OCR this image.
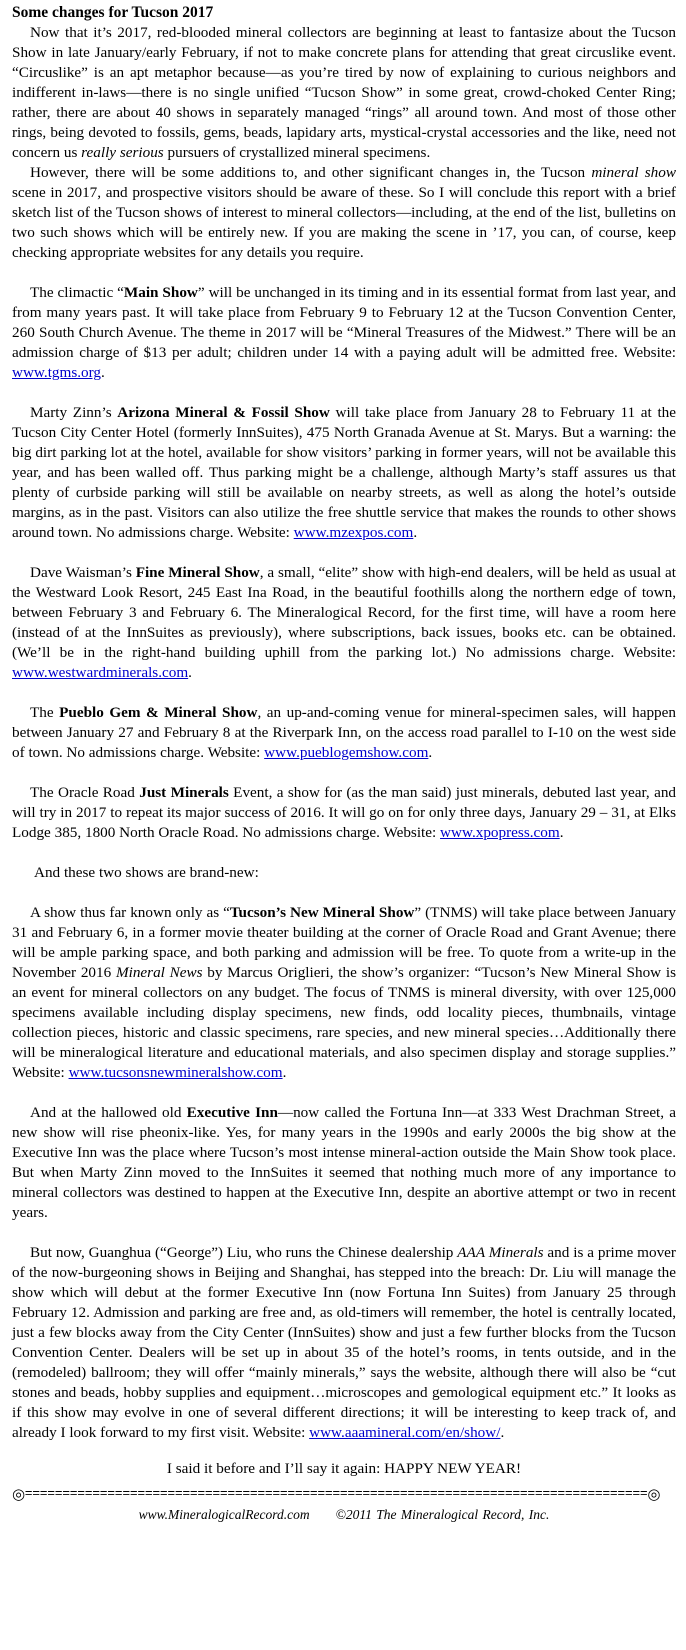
Some changes for Tucson 2017

Now that it’s 2017, red-blooded mineral collectors are beginning at least to fantasize about the Tucson Show in late January/early February, if not to make concrete plans for attending that great circuslike event. “Circuslike” is an apt metaphor because—as you’re tired by now of explaining to curious neighbors and indifferent in-laws—there is no single unified “Tucson Show” in some great, crowd-choked Center Ring; rather, there are about 40 shows in separately managed “rings” all around town. And most of those other rings, being devoted to fossils, gems, beads, lapidary arts, mystical-crystal accessories and the like, need not concern us really serious pursuers of crystallized mineral specimens.

However, there will be some additions to, and other significant changes in, the Tucson mineral show scene in 2017, and prospective visitors should be aware of these. So I will conclude this report with a brief sketch list of the Tucson shows of interest to mineral collectors—including, at the end of the list, bulletins on two such shows which will be entirely new. If you are making the scene in ’17, you can, of course, keep checking appropriate websites for any details you require.

The climactic “Main Show” will be unchanged in its timing and in its essential format from last year, and from many years past. It will take place from February 9 to February 12 at the Tucson Convention Center, 260 South Church Avenue. The theme in 2017 will be “Mineral Treasures of the Midwest.” There will be an admission charge of $13 per adult; children under 14 with a paying adult will be admitted free. Website: www.tgms.org.

Marty Zinn’s Arizona Mineral & Fossil Show will take place from January 28 to February 11 at the Tucson City Center Hotel (formerly InnSuites), 475 North Granada Avenue at St. Marys. But a warning: the big dirt parking lot at the hotel, available for show visitors’ parking in former years, will not be available this year, and has been walled off. Thus parking might be a challenge, although Marty’s staff assures us that plenty of curbside parking will still be available on nearby streets, as well as along the hotel’s outside margins, as in the past. Visitors can also utilize the free shuttle service that makes the rounds to other shows around town. No admissions charge. Website: www.mzexpos.com.

Dave Waisman’s Fine Mineral Show, a small, “elite” show with high-end dealers, will be held as usual at the Westward Look Resort, 245 East Ina Road, in the beautiful foothills along the northern edge of town, between February 3 and February 6. The Mineralogical Record, for the first time, will have a room here (instead of at the InnSuites as previously), where subscriptions, back issues, books etc. can be obtained. (We’ll be in the right-hand building uphill from the parking lot.) No admissions charge. Website: www.westwardminerals.com.

The Pueblo Gem & Mineral Show, an up-and-coming venue for mineral-specimen sales, will happen between January 27 and February 8 at the Riverpark Inn, on the access road parallel to I-10 on the west side of town. No admissions charge. Website: www.pueblogemshow.com.

The Oracle Road Just Minerals Event, a show for (as the man said) just minerals, debuted last year, and will try in 2017 to repeat its major success of 2016. It will go on for only three days, January 29 – 31, at Elks Lodge 385, 1800 North Oracle Road. No admissions charge. Website: www.xpopress.com.

And these two shows are brand-new:

A show thus far known only as “Tucson’s New Mineral Show” (TNMS) will take place between January 31 and February 6, in a former movie theater building at the corner of Oracle Road and Grant Avenue; there will be ample parking space, and both parking and admission will be free. To quote from a write-up in the November 2016 Mineral News by Marcus Origlieri, the show’s organizer: “Tucson’s New Mineral Show is an event for mineral collectors on any budget. The focus of TNMS is mineral diversity, with over 125,000 specimens available including display specimens, new finds, odd locality pieces, thumbnails, vintage collection pieces, historic and classic specimens, rare species, and new mineral species…Additionally there will be mineralogical literature and educational materials, and also specimen display and storage supplies.” Website: www.tucsonsnewmineralshow.com.

And at the hallowed old Executive Inn—now called the Fortuna Inn—at 333 West Drachman Street, a new show will rise pheonix-like. Yes, for many years in the 1990s and early 2000s the big show at the Executive Inn was the place where Tucson’s most intense mineral-action outside the Main Show took place. But when Marty Zinn moved to the InnSuites it seemed that nothing much more of any importance to mineral collectors was destined to happen at the Executive Inn, despite an abortive attempt or two in recent years.

But now, Guanghua (“George”) Liu, who runs the Chinese dealership AAA Minerals and is a prime mover of the now-burgeoning shows in Beijing and Shanghai, has stepped into the breach: Dr. Liu will manage the show which will debut at the former Executive Inn (now Fortuna Inn Suites) from January 25 through February 12. Admission and parking are free and, as old-timers will remember, the hotel is centrally located, just a few blocks away from the City Center (InnSuites) show and just a few further blocks from the Tucson Convention Center. Dealers will be set up in about 35 of the hotel’s rooms, in tents outside, and in the (remodeled) ballroom; they will offer “mainly minerals,” says the website, although there will also be “cut stones and beads, hobby supplies and equipment…microscopes and gemological equipment etc.” It looks as if this show may evolve in one of several different directions; it will be interesting to keep track of, and already I look forward to my first visit. Website: www.aaamineral.com/en/show/.

I said it before and I’ll say it again: HAPPY NEW YEAR!

◎ =================================================================================== ◎
www.MineralogicalRecord.com ©2011 The Mineralogical Record, Inc.
